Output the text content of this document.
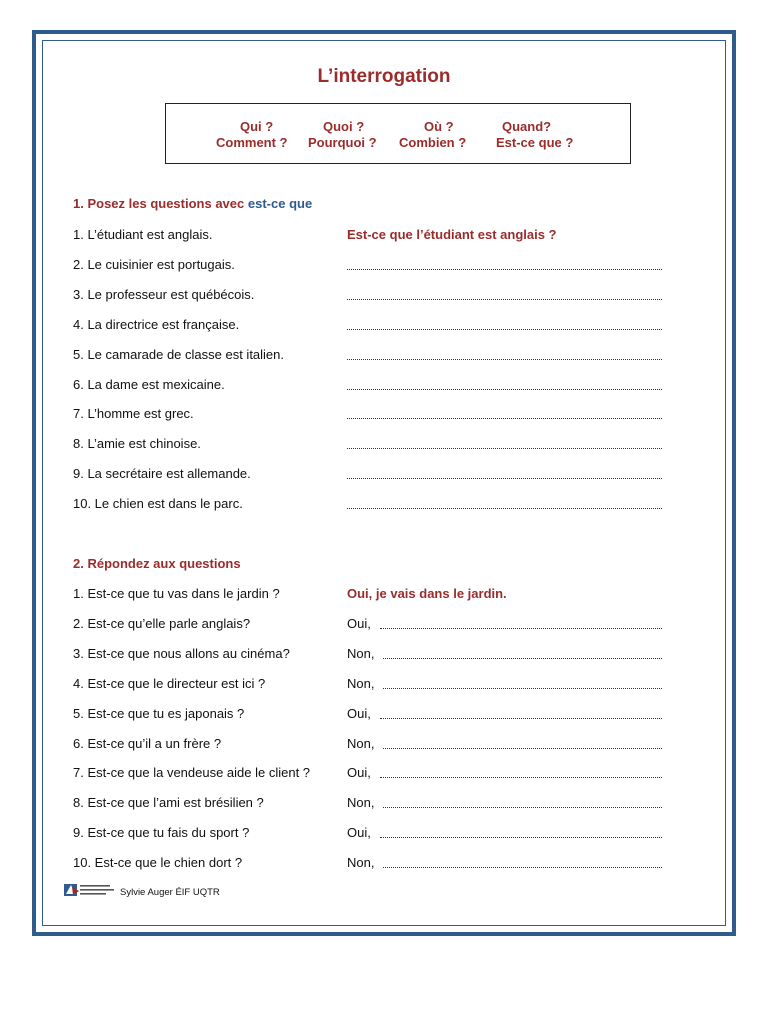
L’interrogation
Qui ?	Quoi ?	Où ?	Quand?
Comment ? Pourquoi ? Combien ? Est-ce que ?
1. Posez les questions avec est-ce que
1. L’étudiant est anglais.	Est-ce que l’étudiant est anglais ?
2. Le cuisinier est portugais.
3. Le professeur est québécois.
4. La directrice est française.
5. Le camarade de classe est italien.
6. La dame est mexicaine.
7. L’homme est grec.
8. L’amie est chinoise.
9. La secrétaire est allemande.
10. Le chien est dans le parc.
2. Répondez aux questions
1. Est-ce que tu vas dans le jardin ?	Oui, je vais dans le jardin.
2. Est-ce qu’elle parle anglais?	Oui,
3. Est-ce que nous allons au cinéma?	Non,
4. Est-ce que le directeur est ici ?	Non,
5. Est-ce que tu es japonais ?	Oui,
6. Est-ce qu’il a un frère ?	Non,
7. Est-ce que la vendeuse aide le client ?	Oui,
8. Est-ce que l’ami est brésilien ?	Non,
9. Est-ce que tu fais du sport ?	Oui,
10. Est-ce que le chien dort ?	Non,
Sylvie Auger ÉIF UQTR
